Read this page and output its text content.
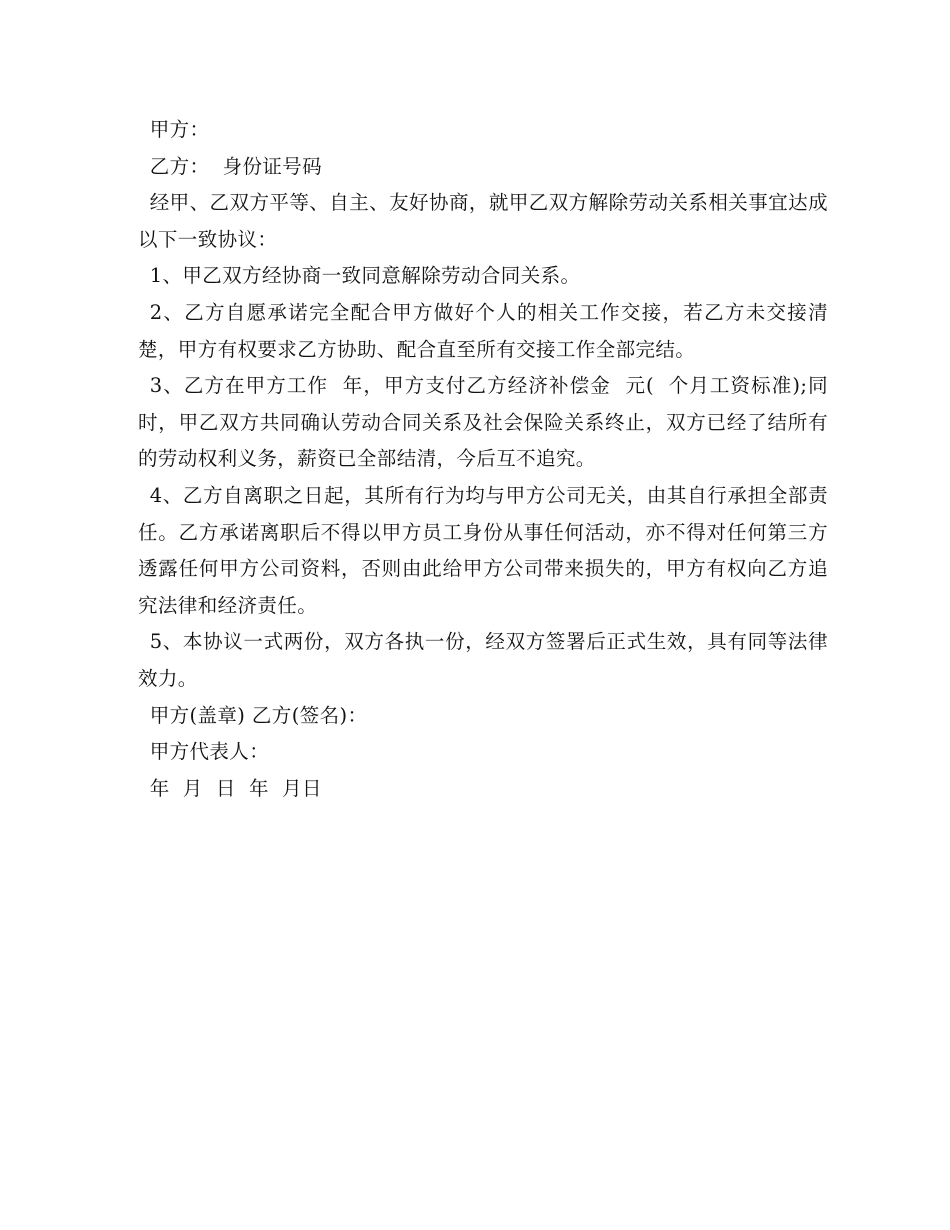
甲方：

乙方：  身份证号码

经甲、乙双方平等、自主、友好协商，就甲乙双方解除劳动关系相关事宜达成以下一致协议：

1、甲乙双方经协商一致同意解除劳动合同关系。

2、乙方自愿承诺完全配合甲方做好个人的相关工作交接，若乙方未交接清楚，甲方有权要求乙方协助、配合直至所有交接工作全部完结。

3、乙方在甲方工作  年，甲方支付乙方经济补偿金  元(  个月工资标准);同时，甲乙双方共同确认劳动合同关系及社会保险关系终止，双方已经了结所有的劳动权利义务，薪资已全部结清，今后互不追究。

4、乙方自离职之日起，其所有行为均与甲方公司无关，由其自行承担全部责任。乙方承诺离职后不得以甲方员工身份从事任何活动，亦不得对任何第三方透露任何甲方公司资料，否则由此给甲方公司带来损失的，甲方有权向乙方追究法律和经济责任。

5、本协议一式两份，双方各执一份，经双方签署后正式生效，具有同等法律效力。

甲方(盖章) 乙方(签名)：

甲方代表人：

年  月  日  年  月日
